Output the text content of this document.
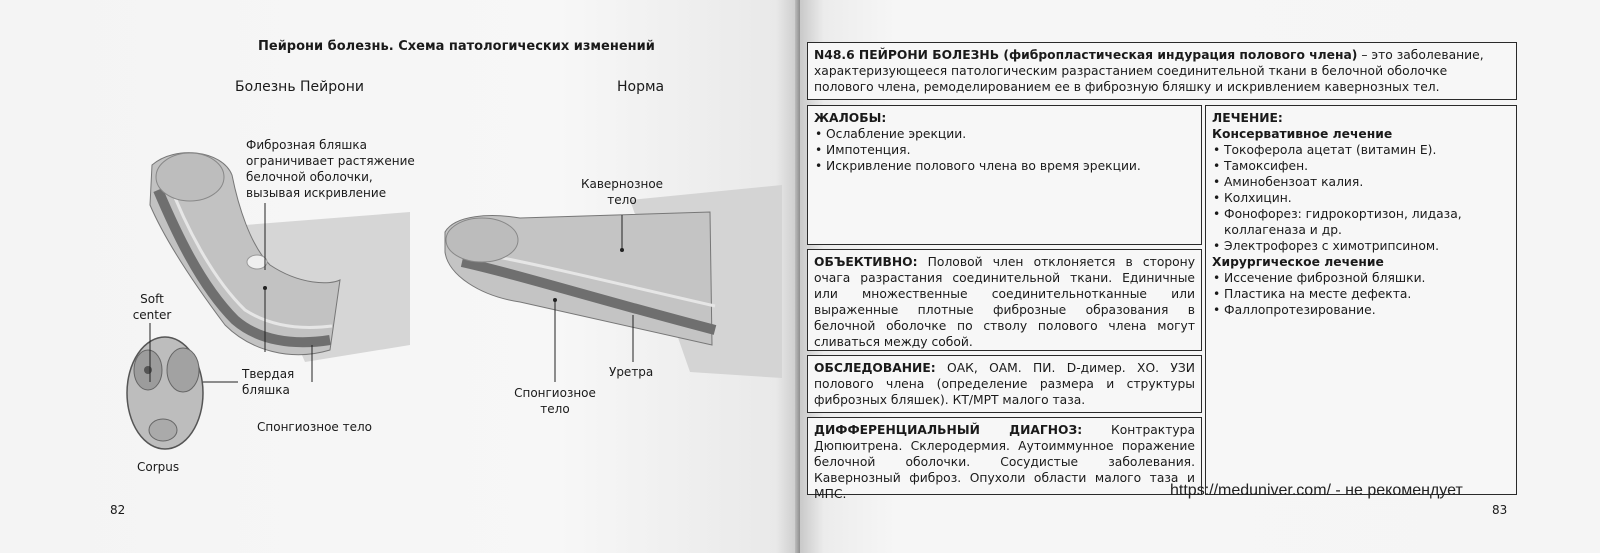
Пейрони болезнь. Схема патологических изменений
Болезнь Пейрони	Норма
Фиброзная бляшка
ограничивает растяжение
белочной оболочки,
вызывая искривление
Кавернозное
тело
Soft
center
Твердая
бляшка
Спонгиозное тело
Уретра
Спонгиозное
тело
Corpus
82
N48.6 ПЕЙРОНИ БОЛЕЗНЬ (фибропластическая индурация полового члена) – это заболевание, характеризующееся патологическим разрастанием соединительной ткани в белочной оболочке полового члена, ремоделированием ее в фиброзную бляшку и искривлением кавернозных тел.
ЖАЛОБЫ:
• Ослабление эрекции.
• Импотенция.
• Искривление полового члена во время эрекции.
ОБЪЕКТИВНО: Половой член отклоняется в сторону очага разрастания соединительной ткани. Единичные или множественные соединительнотканные или выраженные плотные фиброзные образования в белочной оболочке по стволу полового члена могут сливаться между собой.
ОБСЛЕДОВАНИЕ: ОАК, ОАМ. ПИ. D-димер. ХО. УЗИ полового члена (определение размера и структуры фиброзных бляшек). КТ/МРТ малого таза.
ДИФФЕРЕНЦИАЛЬНЫЙ ДИАГНОЗ: Контрактура Дюпюитрена. Склеродермия. Аутоиммунное поражение белочной оболочки. Сосудистые заболевания. Кавернозный фиброз. Опухоли области малого таза и МПС.
ЛЕЧЕНИЕ:
Консервативное лечение
• Токоферола ацетат (витамин Е).
• Тамоксифен.
• Аминобензоат калия.
• Колхицин.
• Фонофорез: гидрокортизон, лидаза, коллагеназа и др.
• Электрофорез с химотрипсином.
Хирургическое лечение
• Иссечение фиброзной бляшки.
• Пластика на месте дефекта.
• Фаллопротезирование.
83
https://meduniver.com/ - не рекомендует
